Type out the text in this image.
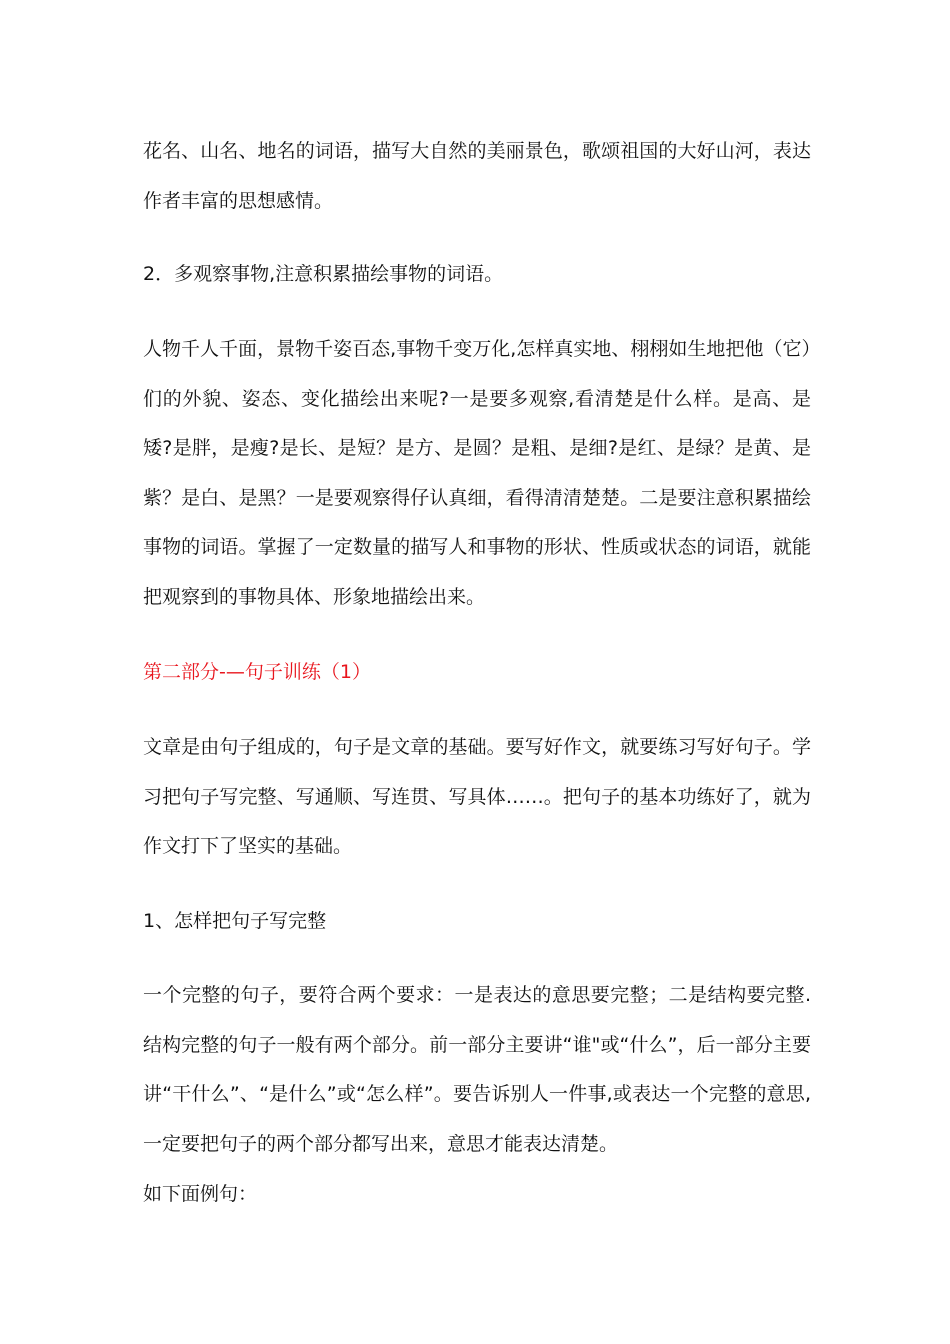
花名、山名、地名的词语，描写大自然的美丽景色，歌颂祖国的大好山河，表达作者丰富的思想感情。

2．多观察事物,注意积累描绘事物的词语。

人物千人千面，景物千姿百态,事物千变万化,怎样真实地、栩栩如生地把他（它）们的外貌、姿态、变化描绘出来呢?一是要多观察,看清楚是什么样。是高、是矮?是胖，是瘦?是长、是短？是方、是圆？是粗、是细?是红、是绿？是黄、是紫？是白、是黑？一是要观察得仔认真细，看得清清楚楚。二是要注意积累描绘事物的词语。掌握了一定数量的描写人和事物的形状、性质或状态的词语，就能把观察到的事物具体、形象地描绘出来。

第二部分-—句子训练（1）

文章是由句子组成的，句子是文章的基础。要写好作文，就要练习写好句子。学习把句子写完整、写通顺、写连贯、写具体……。把句子的基本功练好了，就为作文打下了坚实的基础。

1、怎样把句子写完整

一个完整的句子，要符合两个要求：一是表达的意思要完整；二是结构要完整.结构完整的句子一般有两个部分。前一部分主要讲“谁"或“什么”，后一部分主要讲“干什么”、“是什么”或“怎么样”。要告诉别人一件事,或表达一个完整的意思,一定要把句子的两个部分都写出来，意思才能表达清楚。

如下面例句：
